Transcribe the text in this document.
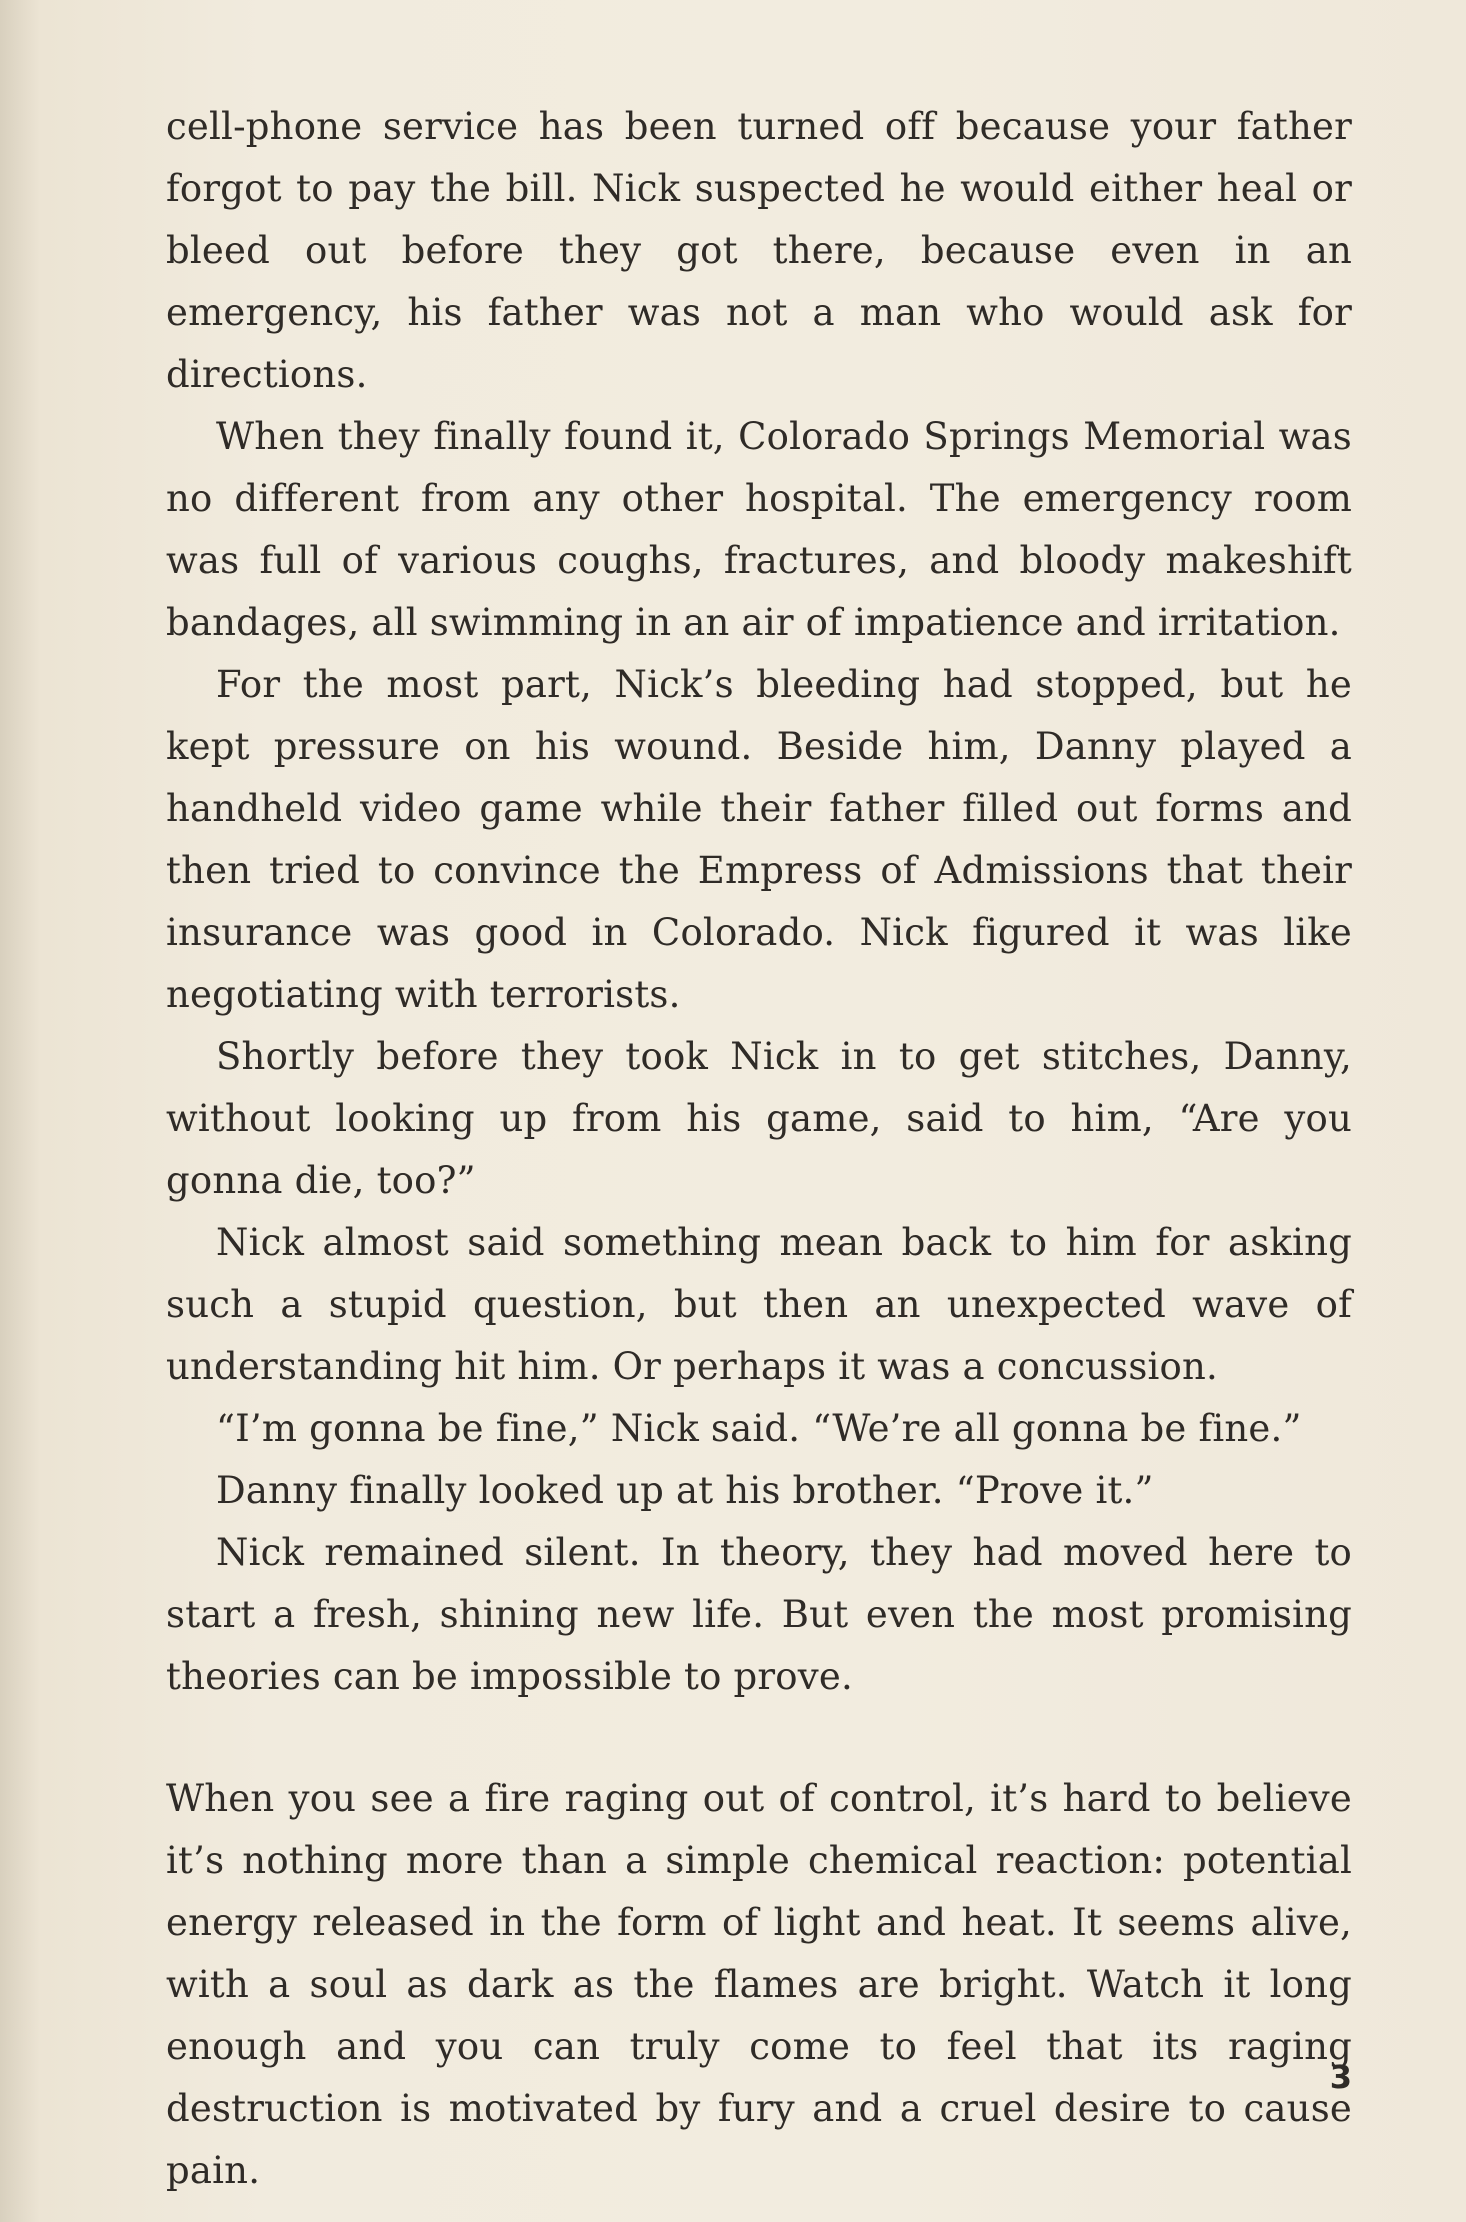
cell-phone service has been turned off because your father forgot to pay the bill. Nick suspected he would either heal or bleed out before they got there, because even in an emergency, his father was not a man who would ask for directions.

When they finally found it, Colorado Springs Memorial was no different from any other hospital. The emergency room was full of various coughs, fractures, and bloody makeshift bandages, all swimming in an air of impatience and irritation.

For the most part, Nick’s bleeding had stopped, but he kept pressure on his wound. Beside him, Danny played a handheld video game while their father filled out forms and then tried to convince the Empress of Admissions that their insurance was good in Colorado. Nick figured it was like negotiating with terrorists.

Shortly before they took Nick in to get stitches, Danny, without looking up from his game, said to him, “Are you gonna die, too?”

Nick almost said something mean back to him for asking such a stupid question, but then an unexpected wave of understanding hit him. Or perhaps it was a concussion.

“I’m gonna be fine,” Nick said. “We’re all gonna be fine.”

Danny finally looked up at his brother. “Prove it.”

Nick remained silent. In theory, they had moved here to start a fresh, shining new life. But even the most promising theories can be impossible to prove.

When you see a fire raging out of control, it’s hard to believe it’s nothing more than a simple chemical reaction: potential energy released in the form of light and heat. It seems alive, with a soul as dark as the flames are bright. Watch it long enough and you can truly come to feel that its raging destruction is motivated by fury and a cruel desire to cause pain.

3
